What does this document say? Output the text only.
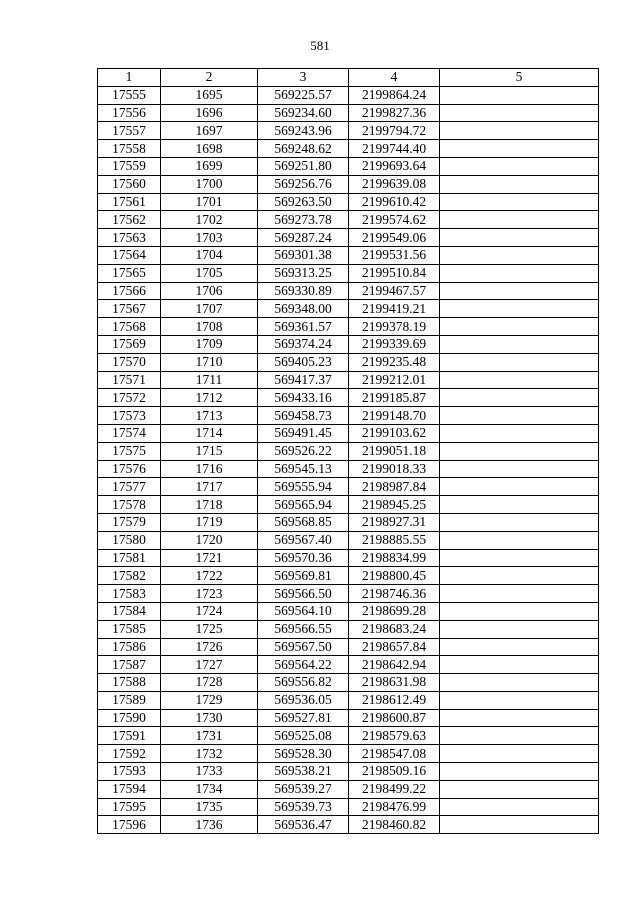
581
1	2	3	4	5
17555	1695	569225.57	2199864.24	
17556	1696	569234.60	2199827.36	
17557	1697	569243.96	2199794.72	
17558	1698	569248.62	2199744.40	
17559	1699	569251.80	2199693.64	
17560	1700	569256.76	2199639.08	
17561	1701	569263.50	2199610.42	
17562	1702	569273.78	2199574.62	
17563	1703	569287.24	2199549.06	
17564	1704	569301.38	2199531.56	
17565	1705	569313.25	2199510.84	
17566	1706	569330.89	2199467.57	
17567	1707	569348.00	2199419.21	
17568	1708	569361.57	2199378.19	
17569	1709	569374.24	2199339.69	
17570	1710	569405.23	2199235.48	
17571	1711	569417.37	2199212.01	
17572	1712	569433.16	2199185.87	
17573	1713	569458.73	2199148.70	
17574	1714	569491.45	2199103.62	
17575	1715	569526.22	2199051.18	
17576	1716	569545.13	2199018.33	
17577	1717	569555.94	2198987.84	
17578	1718	569565.94	2198945.25	
17579	1719	569568.85	2198927.31	
17580	1720	569567.40	2198885.55	
17581	1721	569570.36	2198834.99	
17582	1722	569569.81	2198800.45	
17583	1723	569566.50	2198746.36	
17584	1724	569564.10	2198699.28	
17585	1725	569566.55	2198683.24	
17586	1726	569567.50	2198657.84	
17587	1727	569564.22	2198642.94	
17588	1728	569556.82	2198631.98	
17589	1729	569536.05	2198612.49	
17590	1730	569527.81	2198600.87	
17591	1731	569525.08	2198579.63	
17592	1732	569528.30	2198547.08	
17593	1733	569538.21	2198509.16	
17594	1734	569539.27	2198499.22	
17595	1735	569539.73	2198476.99	
17596	1736	569536.47	2198460.82	
